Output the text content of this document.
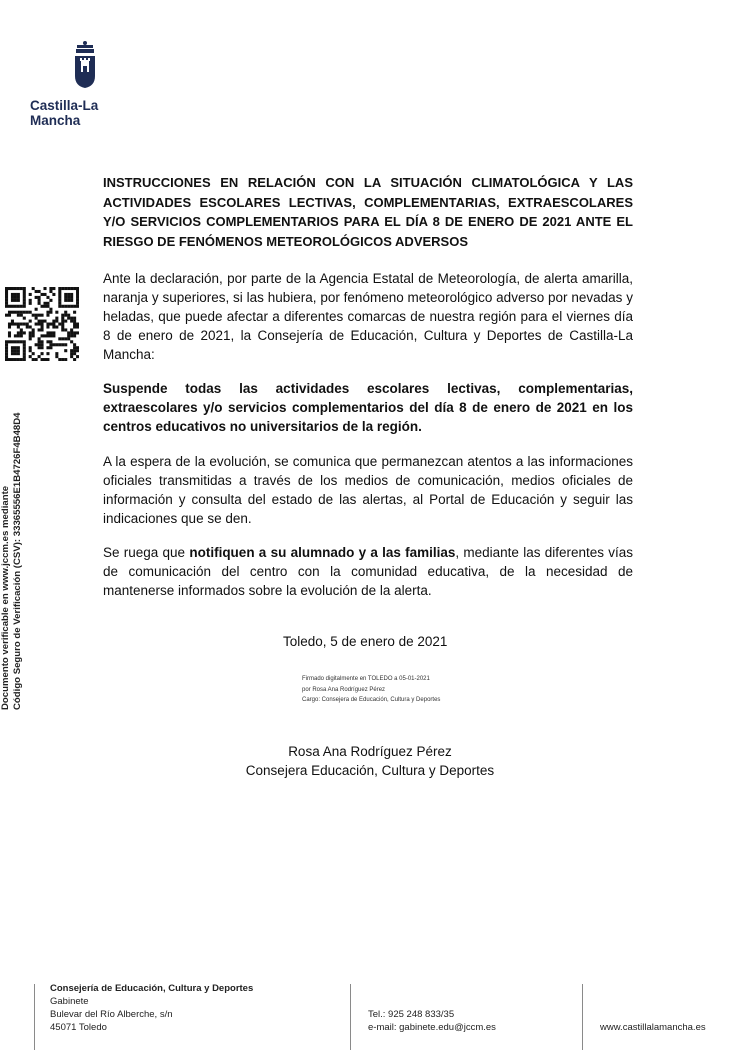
Castilla-La Mancha
Documento verificable en www.jccm.es mediante Código Seguro de Verificación (CSV): 33365556E1B4726F4B48D4
INSTRUCCIONES EN RELACIÓN CON LA SITUACIÓN CLIMATOLÓGICA Y LAS ACTIVIDADES ESCOLARES LECTIVAS, COMPLEMENTARIAS, EXTRAESCOLARES Y/O SERVICIOS COMPLEMENTARIOS PARA EL DÍA 8 DE ENERO DE 2021 ANTE EL RIESGO DE FENÓMENOS METEOROLÓGICOS ADVERSOS
Ante la declaración, por parte de la Agencia Estatal de Meteorología, de alerta amarilla, naranja y superiores, si las hubiera, por fenómeno meteorológico adverso por nevadas y heladas, que puede afectar a diferentes comarcas de nuestra región para el viernes día 8 de enero de 2021, la Consejería de Educación, Cultura y Deportes de Castilla-La Mancha:
Suspende todas las actividades escolares lectivas, complementarias, extraescolares y/o servicios complementarios del día 8 de enero de 2021 en los centros educativos no universitarios de la región.
A la espera de la evolución, se comunica que permanezcan atentos a las informaciones oficiales transmitidas a través de los medios de comunicación, medios oficiales de información y consulta del estado de las alertas, al Portal de Educación y seguir las indicaciones que se den.
Se ruega que notifiquen a su alumnado y a las familias, mediante las diferentes vías de comunicación del centro con la comunidad educativa, de la necesidad de mantenerse informados sobre la evolución de la alerta.
Toledo, 5 de enero de 2021
Firmado digitalmente en TOLEDO a 05-01-2021
por Rosa Ana Rodríguez Pérez
Cargo: Consejera de Educación, Cultura y Deportes
Rosa Ana Rodríguez Pérez
Consejera Educación, Cultura y Deportes
Consejería de Educación, Cultura y Deportes
Gabinete
Bulevar del Río Alberche, s/n
45071 Toledo
Tel.: 925 248 833/35
e-mail: gabinete.edu@jccm.es	www.castillalamancha.es
